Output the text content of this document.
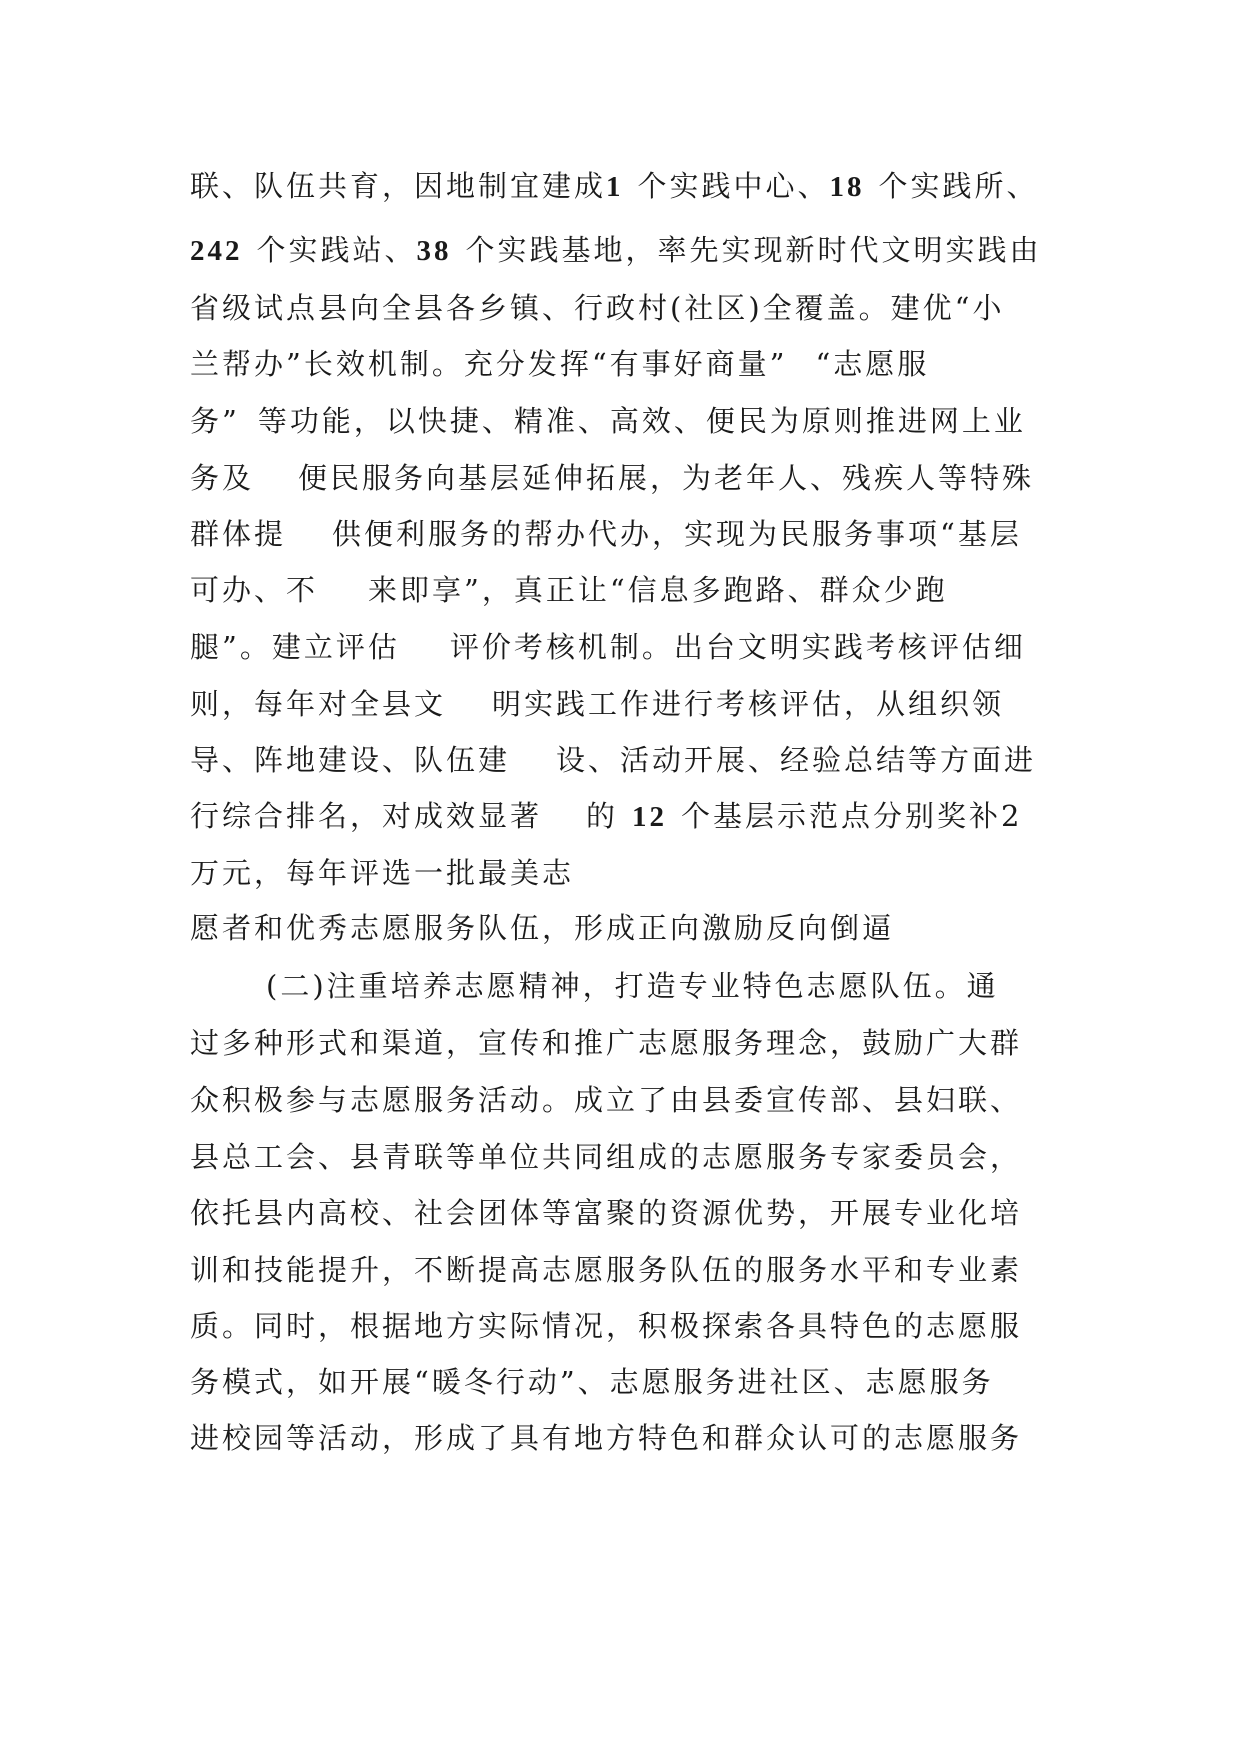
联、队伍共育，因地制宜建成1 个实践中心、18 个实践所、
242 个实践站、38 个实践基地，率先实现新时代文明实践由
省级试点县向全县各乡镇、行政村(社区)全覆盖。建优“小
兰帮办”长效机制。充分发挥“有事好商量” “志愿服
务” 等功能，以快捷、精准、高效、便民为原则推进网上业
务及 便民服务向基层延伸拓展，为老年人、残疾人等特殊
群体提 供便利服务的帮办代办，实现为民服务事项“基层
可办、不 来即享”，真正让“信息多跑路、群众少跑
腿”。建立评估 评价考核机制。出台文明实践考核评估细
则，每年对全县文 明实践工作进行考核评估，从组织领
导、阵地建设、队伍建 设、活动开展、经验总结等方面进
行综合排名，对成效显著 的 12 个基层示范点分别奖补2
万元，每年评选一批最美志
愿者和优秀志愿服务队伍，形成正向激励反向倒逼
(二)注重培养志愿精神，打造专业特色志愿队伍。通
过多种形式和渠道，宣传和推广志愿服务理念，鼓励广大群
众积极参与志愿服务活动。成立了由县委宣传部、县妇联、
县总工会、县青联等单位共同组成的志愿服务专家委员会，
依托县内高校、社会团体等富聚的资源优势，开展专业化培
训和技能提升，不断提高志愿服务队伍的服务水平和专业素
质。同时，根据地方实际情况，积极探索各具特色的志愿服
务模式，如开展“暖冬行动”、志愿服务进社区、志愿服务
进校园等活动，形成了具有地方特色和群众认可的志愿服务
